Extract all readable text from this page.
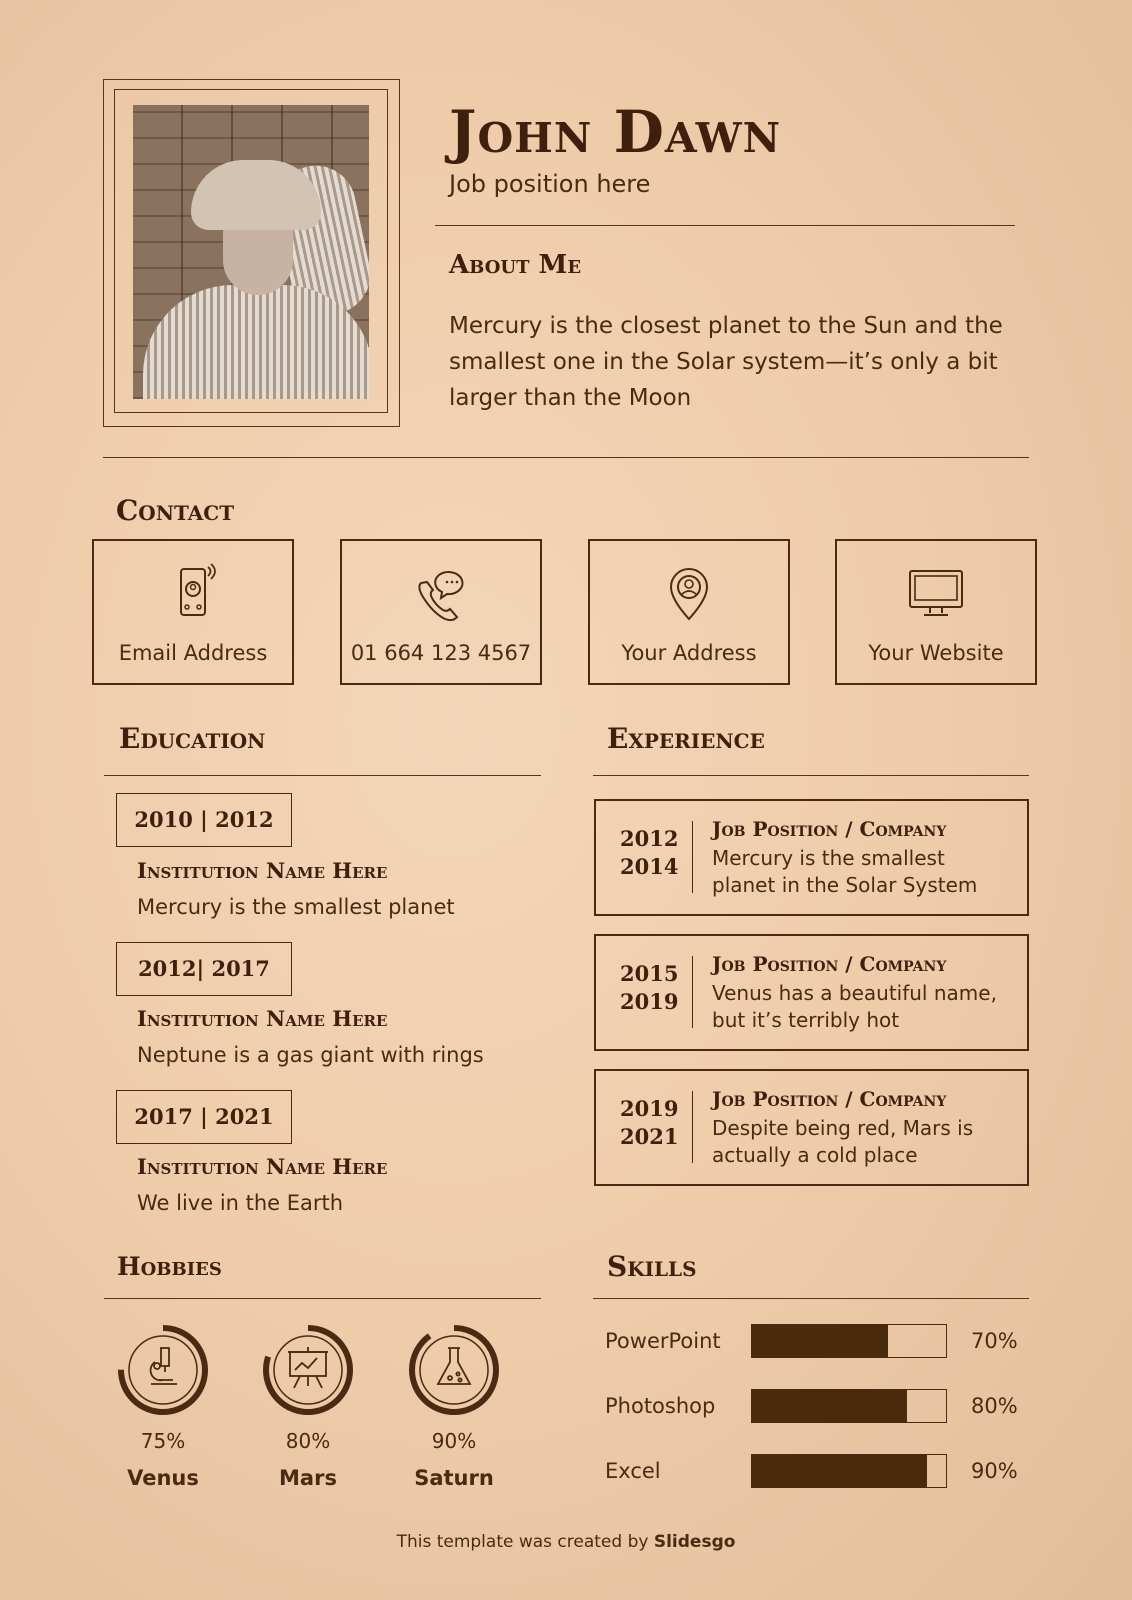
John Dawn
Job position here
About Me
Mercury is the closest planet to the Sun and the smallest one in the Solar system—it’s only a bit larger than the Moon
Contact
Email Address	01 664 123 4567	Your Address	Your Website
Education
2010 | 2012
Institution Name Here
Mercury is the smallest planet
2012| 2017
Institution Name Here
Neptune is a gas giant with rings
2017 | 2021
Institution Name Here
We live in the Earth
Experience
2012
2014
Job Position / Company
Mercury is the smallest planet in the Solar System
2015
2019
Job Position / Company
Venus has a beautiful name, but it’s terribly hot
2019
2021
Job Position / Company
Despite being red, Mars is actually a cold place
Hobbies
75%
Venus
80%
Mars
90%
Saturn
Skills
PowerPoint	70%
Photoshop	80%
Excel	90%
This template was created by Slidesgo
